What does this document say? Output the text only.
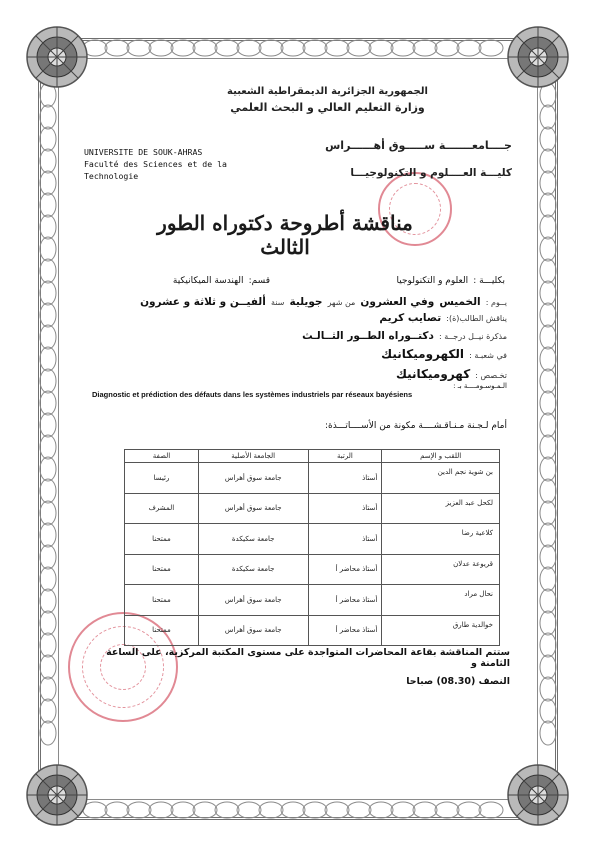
الجمهورية الجزائرية الديمقراطية الشعبية
وزارة التعليم العالي و البحث العلمي
جــــامعـــــــة ســـــوق أهــــــراس
كليـــة العــــلوم و التكنولوجيـــا
UNIVERSITE DE SOUK-AHRAS
Faculté des Sciences et de la
Technologie
مناقشة أطروحة دكتوراه الطور الثالث
بكليـــة : العلوم و التكنولوجيا
قسم: الهندسة الميكانيكية
يــوم : الخميس وفي العشرون من شهر جويلية سنة ألفيــن و ثلاثة و عشرون
يناقش الطالب(ة): تصايب كريم
مذكرة نيــل درجــة : دكتــوراه الطــور الثــالـث
في شعبـة : الكهروميكانيك
تخـصص : كهروميكانيك
الـمـوسـومــــة بـ :
Diagnostic et prédiction des défauts dans les systèmes industriels par réseaux bayésiens
أمام لـجـنة مـنـاقـشــــة مكونة من الأســــاتـــذة:
اللقب و الإسم	الرتبة	الجامعة الأصلية	الصفة
بن شوية نجم الدين	أستاذ	جامعة سوق أهراس	رئيسا
لكحل عبد العزيز	أستاذ	جامعة سوق أهراس	المشرف
كلاعية رضا	أستاذ	جامعة سكيكدة	ممتحنا
قريوعة عدلان	أستاذ محاضر أ	جامعة سكيكدة	ممتحنا
نحال مراد	أستاذ محاضر أ	جامعة سوق أهراس	ممتحنا
خوالدية طارق	أستاذ محاضر أ	جامعة سوق أهراس	ممتحنا
ستتم المناقشة بقاعة المحاضرات المتواجدة على مستوى المكتبة المركزية، على الساعة الثامنة و
النصف (08.30) صباحا
